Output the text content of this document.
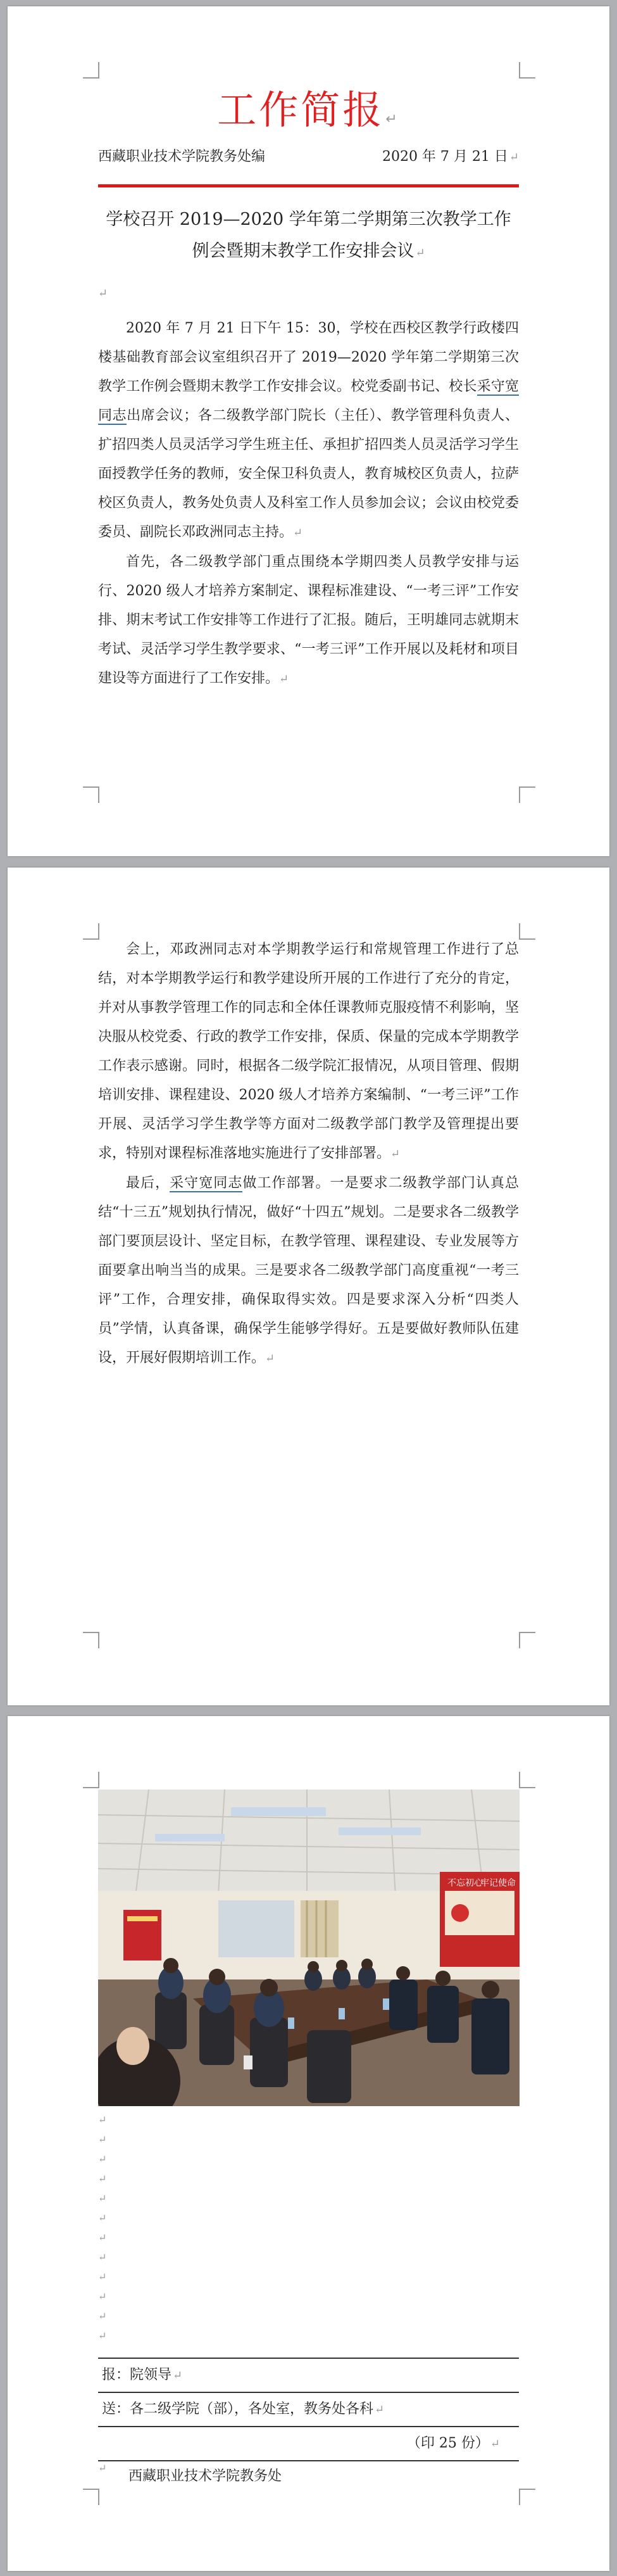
工作简报↵
西藏职业技术学院教务处编	2020 年 7 月 21 日 ↵
学校召开 2019—2020 学年第二学期第三次教学工作
例会暨期末教学工作安排会议 ↵
↵

2020 年 7 月 21 日下午 15：30，学校在西校区教学行政楼四楼基础教育部会议室组织召开了 2019—2020 学年第二学期第三次教学工作例会暨期末教学工作安排会议。校党委副书记、校长采守宽同志出席会议；各二级教学部门院长（主任）、教学管理科负责人、扩招四类人员灵活学习学生班主任、承担扩招四类人员灵活学习学生面授教学任务的教师，安全保卫科负责人，教育城校区负责人，拉萨校区负责人，教务处负责人及科室工作人员参加会议；会议由校党委委员、副院长邓政洲同志主持。↵

首先，各二级教学部门重点围绕本学期四类人员教学安排与运行、2020 级人才培养方案制定、课程标准建设、“一考三评”工作安排、期末考试工作安排等工作进行了汇报。随后，王明雄同志就期末考试、灵活学习学生教学要求、“一考三评”工作开展以及耗材和项目建设等方面进行了工作安排。↵

会上，邓政洲同志对本学期教学运行和常规管理工作进行了总结，对本学期教学运行和教学建设所开展的工作进行了充分的肯定，并对从事教学管理工作的同志和全体任课教师克服疫情不利影响，坚决服从校党委、行政的教学工作安排，保质、保量的完成本学期教学工作表示感谢。同时，根据各二级学院汇报情况，从项目管理、假期培训安排、课程建设、2020 级人才培养方案编制、“一考三评”工作开展、灵活学习学生教学等方面对二级教学部门教学及管理提出要求，特别对课程标准落地实施进行了安排部署。↵

最后，采守宽同志做工作部署。一是要求二级教学部门认真总结“十三五”规划执行情况，做好“十四五”规划。二是要求各二级教学部门要顶层设计、坚定目标，在教学管理、课程建设、专业发展等方面要拿出响当当的成果。三是要求各二级教学部门高度重视“一考三评”工作，合理安排，确保取得实效。四是要求深入分析“四类人员”学情，认真备课，确保学生能够学得好。五是要做好教师队伍建设，开展好假期培训工作。↵

不忘初心
牢记使命
↵
↵
↵
↵
↵
↵
↵
↵
↵
↵
↵
↵
报：院领导 ↵
送：各二级学院（部），各处室，教务处各科 ↵

西藏职业技术学院教务处

（印 25 份） ↵

↵
